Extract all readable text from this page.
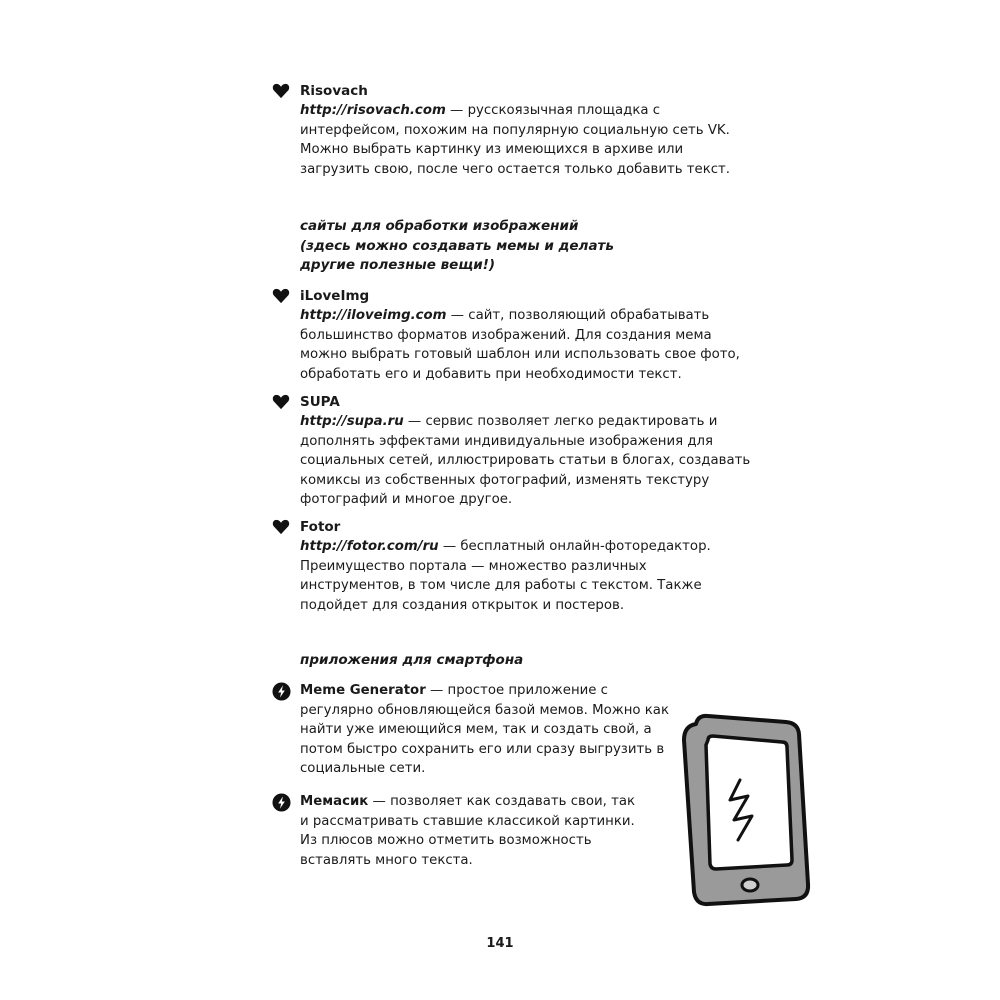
Risovach
http://risovach.com — русскоязычная площадка с интерфейсом, похожим на популярную социальную сеть VK. Можно выбрать картинку из имеющихся в архиве или загрузить свою, после чего остается только добавить текст.
сайты для обработки изображений (здесь можно создавать мемы и делать другие полезные вещи!)
iLoveImg
http://iloveimg.com — сайт, позволяющий обрабатывать большинство форматов изображений. Для создания мема можно выбрать готовый шаблон или использовать свое фото, обработать его и добавить при необходимости текст.
SUPA
http://supa.ru — сервис позволяет легко редактировать и дополнять эффектами индивидуальные изображения для социальных сетей, иллюстрировать статьи в блогах, создавать комиксы из собственных фотографий, изменять текстуру фотографий и многое другое.
Fotor
http://fotor.com/ru — бесплатный онлайн-фоторедактор. Преимущество портала — множество различных инструментов, в том числе для работы с текстом. Также подойдет для создания открыток и постеров.
приложения для смартфона
Meme Generator — простое приложение с регулярно обновляющейся базой мемов. Можно как найти уже имеющийся мем, так и создать свой, а потом быстро сохранить его или сразу выгрузить в социальные сети.
Мемасик — позволяет как создавать свои, так и рассматривать ставшие классикой картинки. Из плюсов можно отметить возможность вставлять много текста.
141
